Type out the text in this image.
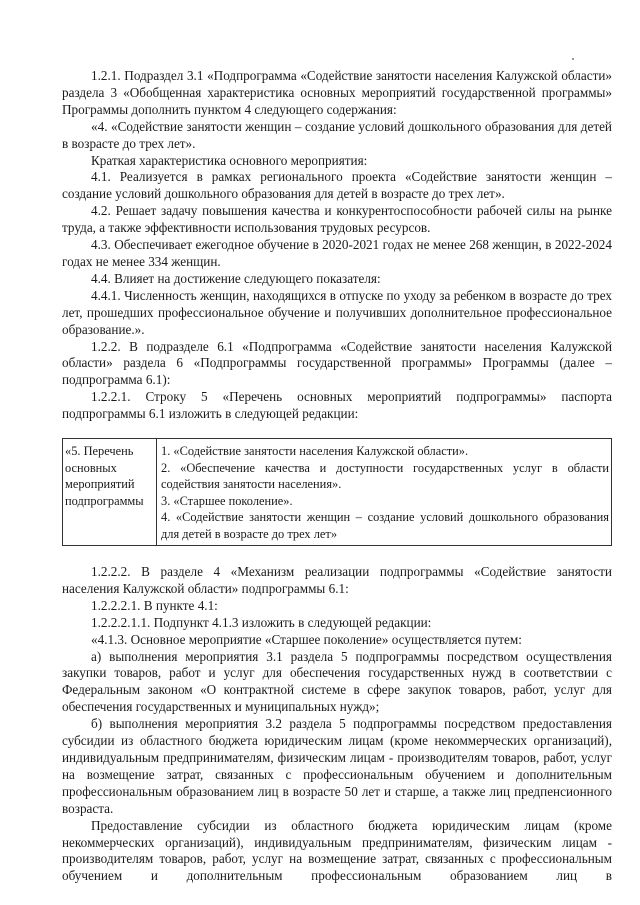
1.2.1. Подраздел 3.1 «Подпрограмма «Содействие занятости населения Калужской области» раздела 3 «Обобщенная характеристика основных мероприятий государственной программы» Программы дополнить пунктом 4 следующего содержания:

«4. «Содействие занятости женщин – создание условий дошкольного образования для детей в возрасте до трех лет».

Краткая характеристика основного мероприятия:

4.1. Реализуется в рамках регионального проекта «Содействие занятости женщин – создание условий дошкольного образования для детей в возрасте до трех лет».

4.2. Решает задачу повышения качества и конкурентоспособности рабочей силы на рынке труда, а также эффективности использования трудовых ресурсов.

4.3. Обеспечивает ежегодное обучение в 2020-2021 годах не менее 268 женщин, в 2022-2024 годах не менее 334 женщин.

4.4. Влияет на достижение следующего показателя:

4.4.1. Численность женщин, находящихся в отпуске по уходу за ребенком в возрасте до трех лет, прошедших профессиональное обучение и получивших дополнительное профессиональное образование.».

1.2.2. В подразделе 6.1 «Подпрограмма «Содействие занятости населения Калужской области» раздела 6 «Подпрограммы государственной программы» Программы (далее – подпрограмма 6.1):

1.2.2.1. Строку 5 «Перечень основных мероприятий подпрограммы» паспорта подпрограммы 6.1 изложить в следующей редакции:

«5. Перечень основных мероприятий подпрограммы
1. «Содействие занятости населения Калужской области».
2. «Обеспечение качества и доступности государственных услуг в области содействия занятости населения».
3. «Старшее поколение».
4. «Содействие занятости женщин – создание условий дошкольного образования для детей в возрасте до трех лет»

1.2.2.2. В разделе 4 «Механизм реализации подпрограммы «Содействие занятости населения Калужской области» подпрограммы 6.1:

1.2.2.2.1. В пункте 4.1:

1.2.2.2.1.1. Подпункт 4.1.3 изложить в следующей редакции:

«4.1.3. Основное мероприятие «Старшее поколение» осуществляется путем:

а) выполнения мероприятия 3.1 раздела 5 подпрограммы посредством осуществления закупки товаров, работ и услуг для обеспечения государственных нужд в соответствии с Федеральным законом «О контрактной системе в сфере закупок товаров, работ, услуг для обеспечения государственных и муниципальных нужд»;

б) выполнения мероприятия 3.2 раздела 5 подпрограммы посредством предоставления субсидии из областного бюджета юридическим лицам (кроме некоммерческих организаций), индивидуальным предпринимателям, физическим лицам - производителям товаров, работ, услуг на возмещение затрат, связанных с профессиональным обучением и дополнительным профессиональным образованием лиц в возрасте 50 лет и старше, а также лиц предпенсионного возраста.

Предоставление субсидии из областного бюджета юридическим лицам (кроме некоммерческих организаций), индивидуальным предпринимателям, физическим лицам - производителям товаров, работ, услуг на возмещение затрат, связанных с профессиональным обучением и дополнительным профессиональным образованием лиц в
